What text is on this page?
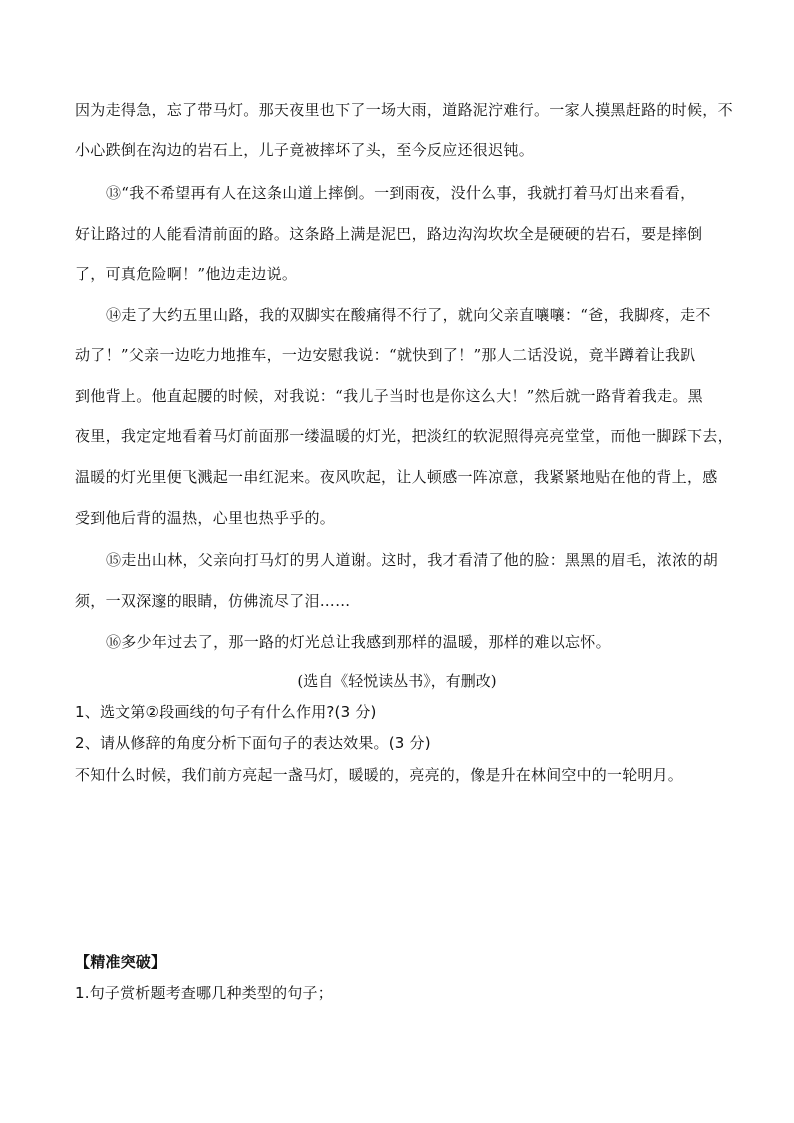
因为走得急，忘了带马灯。那天夜里也下了一场大雨，道路泥泞难行。一家人摸黑赶路的时候，不
小心跌倒在沟边的岩石上，儿子竟被摔坏了头，至今反应还很迟钝。
⑬“我不希望再有人在这条山道上摔倒。一到雨夜，没什么事，我就打着马灯出来看看，
好让路过的人能看清前面的路。这条路上满是泥巴，路边沟沟坎坎全是硬硬的岩石，要是摔倒
了，可真危险啊！”他边走边说。
⑭走了大约五里山路，我的双脚实在酸痛得不行了，就向父亲直嚷嚷：“爸，我脚疼，走不
动了！”父亲一边吃力地推车，一边安慰我说：“就快到了！”那人二话没说，竟半蹲着让我趴
到他背上。他直起腰的时候，对我说：“我儿子当时也是你这么大！”然后就一路背着我走。黑
夜里，我定定地看着马灯前面那一缕温暖的灯光，把淡红的软泥照得亮亮堂堂，而他一脚踩下去，
温暖的灯光里便飞溅起一串红泥来。夜风吹起，让人顿感一阵凉意，我紧紧地贴在他的背上，感
受到他后背的温热，心里也热乎乎的。
⑮走出山林，父亲向打马灯的男人道谢。这时，我才看清了他的脸：黑黑的眉毛，浓浓的胡
须，一双深邃的眼睛，仿佛流尽了泪……
⑯多少年过去了，那一路的灯光总让我感到那样的温暖，那样的难以忘怀。
(选自《轻悦读丛书》，有删改)
1、选文第②段画线的句子有什么作用?(3 分)
2、请从修辞的角度分析下面句子的表达效果。(3 分)
不知什么时候，我们前方亮起一盏马灯，暖暖的，亮亮的，像是升在林间空中的一轮明月。
【精准突破】
1.句子赏析题考查哪几种类型的句子；
